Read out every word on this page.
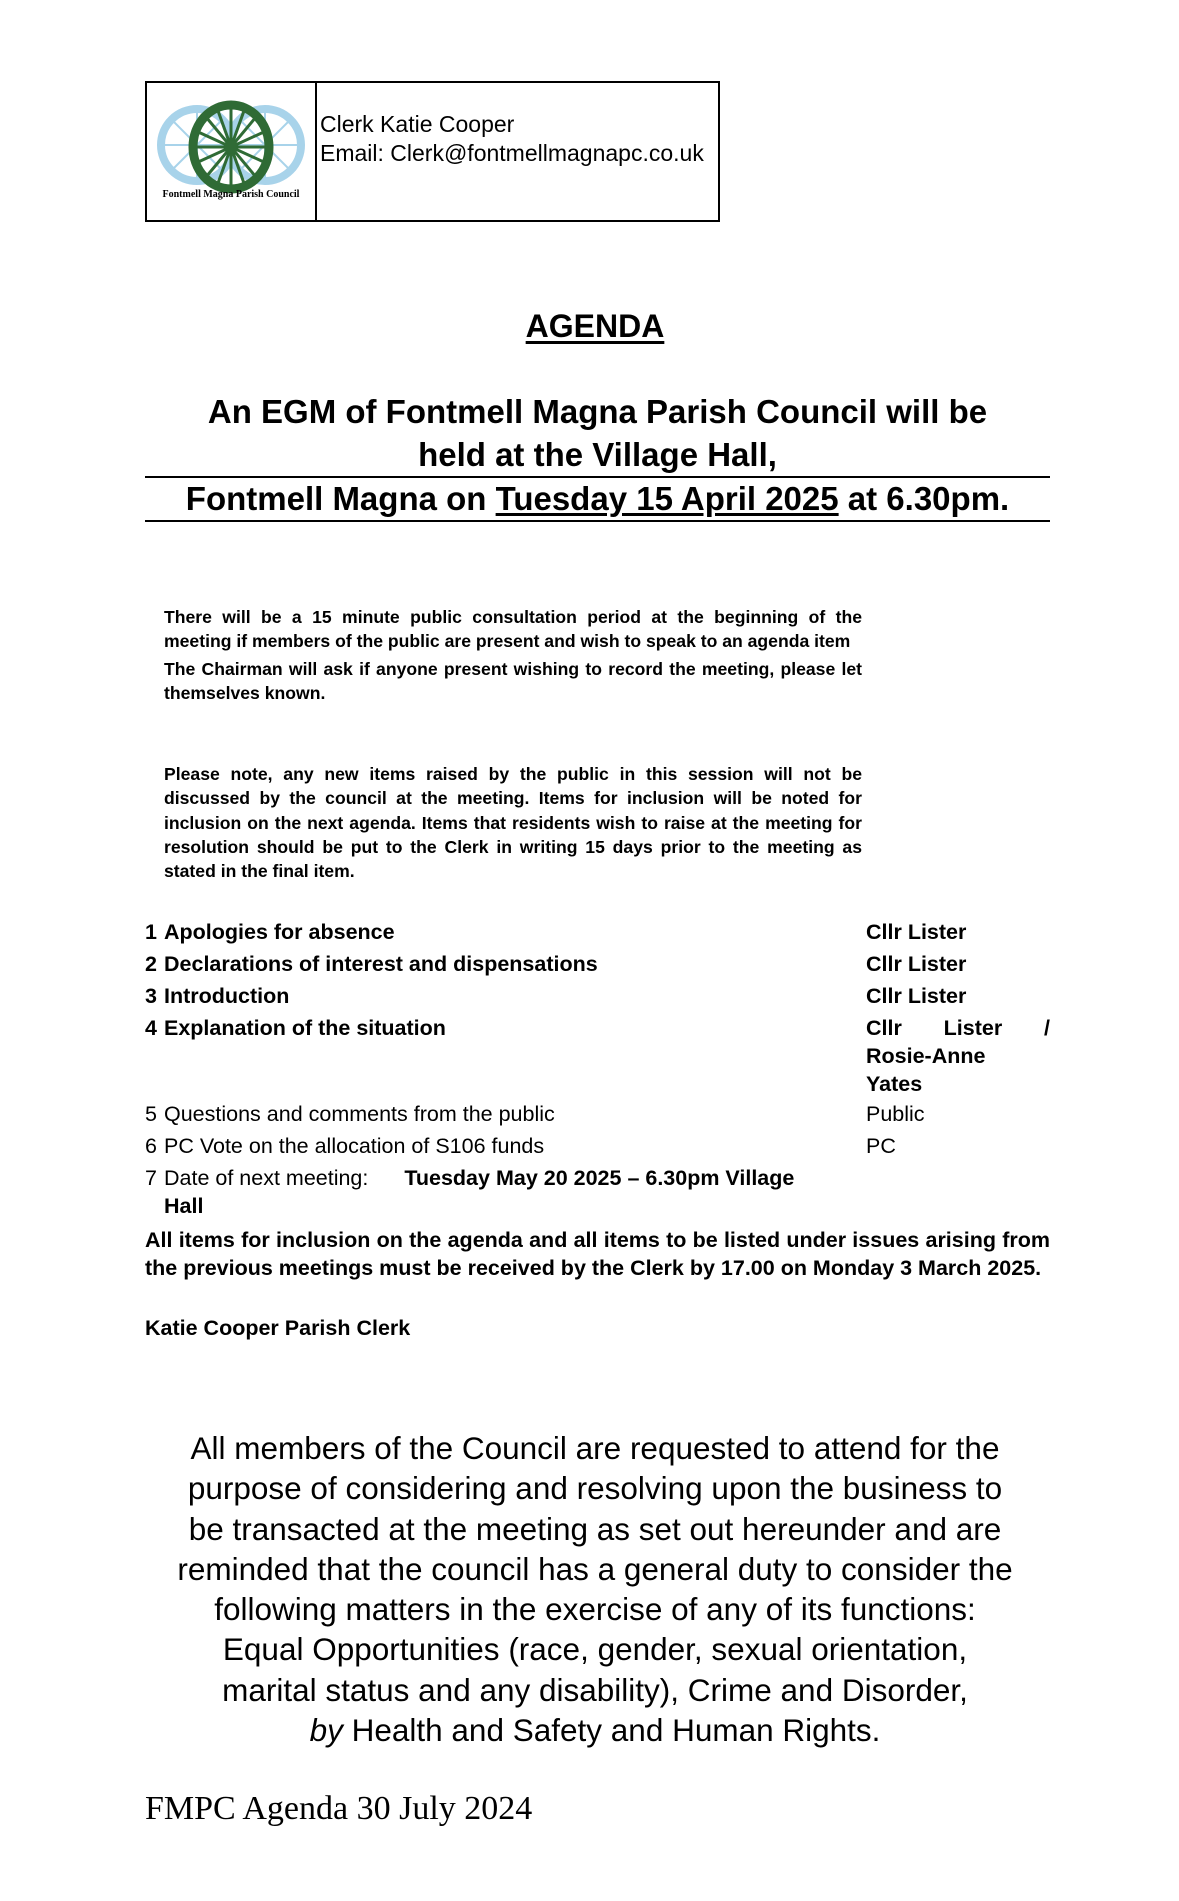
Fontmell Magna Parish Council
Clerk Katie Cooper
Email: Clerk@fontmellmagnapc.co.uk
AGENDA
An EGM of Fontmell Magna Parish Council will be
held at the Village Hall,
Fontmell Magna on Tuesday 15 April 2025 at 6.30pm.

There will be a 15 minute public consultation period at the beginning of the meeting if members of the public are present and wish to speak to an agenda item

The Chairman will ask if anyone present wishing to record the meeting, please let themselves known.

Please note, any new items raised by the public in this session will not be discussed by the council at the meeting. Items for inclusion will be noted for inclusion on the next agenda. Items that residents wish to raise at the meeting for resolution should be put to the Clerk in writing 15 days prior to the meeting as stated in the final item.

1 Apologies for absence	Cllr Lister
2 Declarations of interest and dispensations	Cllr Lister
3 Introduction	Cllr Lister
4 Explanation of the situation	Cllr Lister /
Rosie-Anne
Yates
5 Questions and comments from the public	Public
6 PC Vote on the allocation of S106 funds	PC
7 Date of next meeting: Tuesday May 20 2025 – 6.30pm Village
Hall
All items for inclusion on the agenda and all items to be listed under issues arising from the previous meetings must be received by the Clerk by 17.00 on Monday 3 March 2025.
Katie Cooper Parish Clerk
All members of the Council are requested to attend for the
purpose of considering and resolving upon the business to
be transacted at the meeting as set out hereunder and are
reminded that the council has a general duty to consider the
following matters in the exercise of any of its functions:
Equal Opportunities (race, gender, sexual orientation,
marital status and any disability), Crime and Disorder,
by Health and Safety and Human Rights.
FMPC Agenda 30 July 2024
